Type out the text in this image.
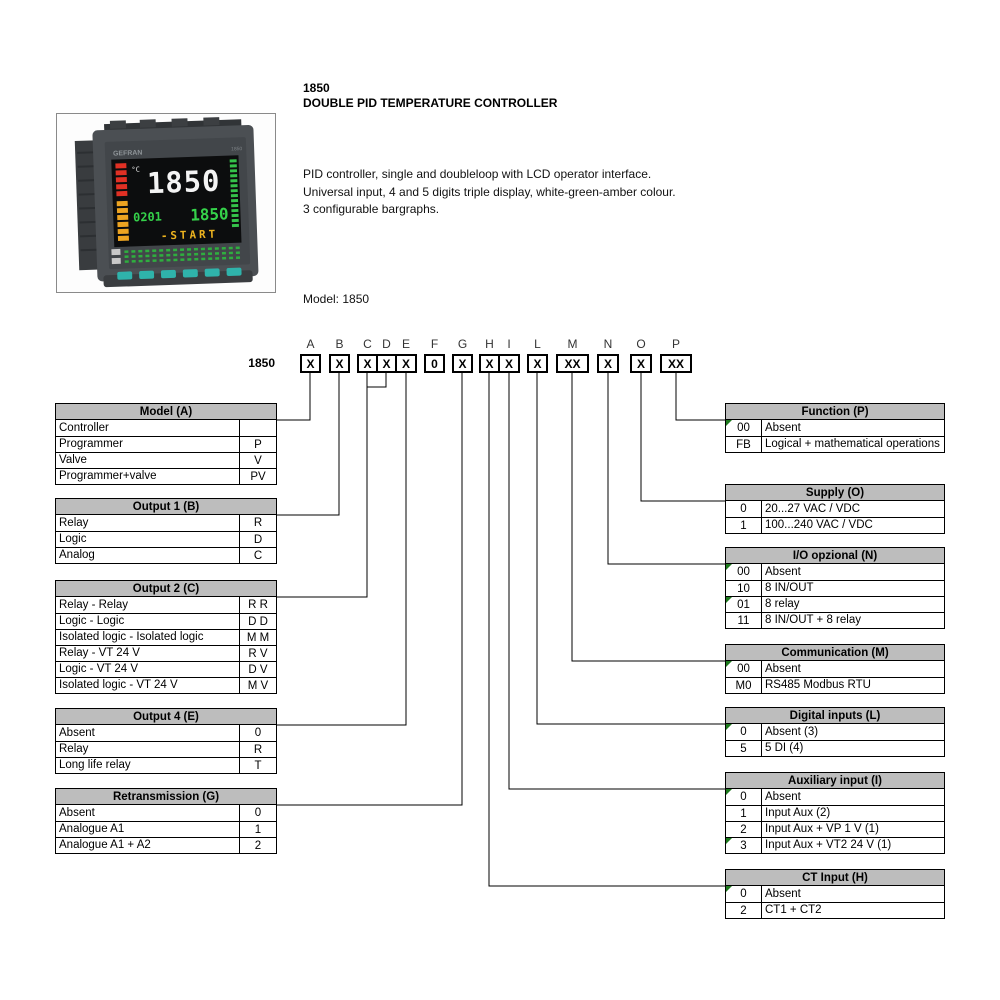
GEFRAN	1850
°C 1850
0201 1850
-START
1850
DOUBLE PID TEMPERATURE CONTROLLER
PID controller, single and doubleloop with LCD operator interface.
Universal input, 4 and 5 digits triple display, white-green-amber colour.
3 configurable bargraphs.
Model: 1850
1850
A	B	C D E	F	G	H	I	L	M	N	O	P
X	X	X X X	0	X	X X	X	XX	X	X	XX
Model (A)
Controller
Programmer	P
Valve	V
Programmer+valve	PV
Output 1 (B)
Relay	R
Logic	D
Analog	C
Output 2 (C)
Relay - Relay	R R
Logic - Logic	D D
Isolated logic - Isolated logic	M M
Relay - VT 24 V	R V
Logic - VT 24 V	D V
Isolated logic - VT 24 V	M V
Output 4 (E)
Absent	0
Relay	R
Long life relay	T
Retransmission (G)
Absent	0
Analogue A1	1
Analogue A1 + A2	2
Function (P)
00	Absent
FB	Logical + mathematical operations
Supply (O)
0	20...27 VAC / VDC
1	100...240 VAC / VDC
I/O opzional (N)
00	Absent
10	8 IN/OUT
01	8 relay
11	8 IN/OUT + 8 relay
Communication (M)
00	Absent
M0	RS485 Modbus RTU
Digital inputs (L)
0	Absent (3)
5	5 DI (4)
Auxiliary input (I)
0	Absent
1	Input Aux (2)
2	Input Aux + VP 1 V (1)
3	Input Aux + VT2 24 V (1)
CT Input (H)
0	Absent
2	CT1 + CT2
